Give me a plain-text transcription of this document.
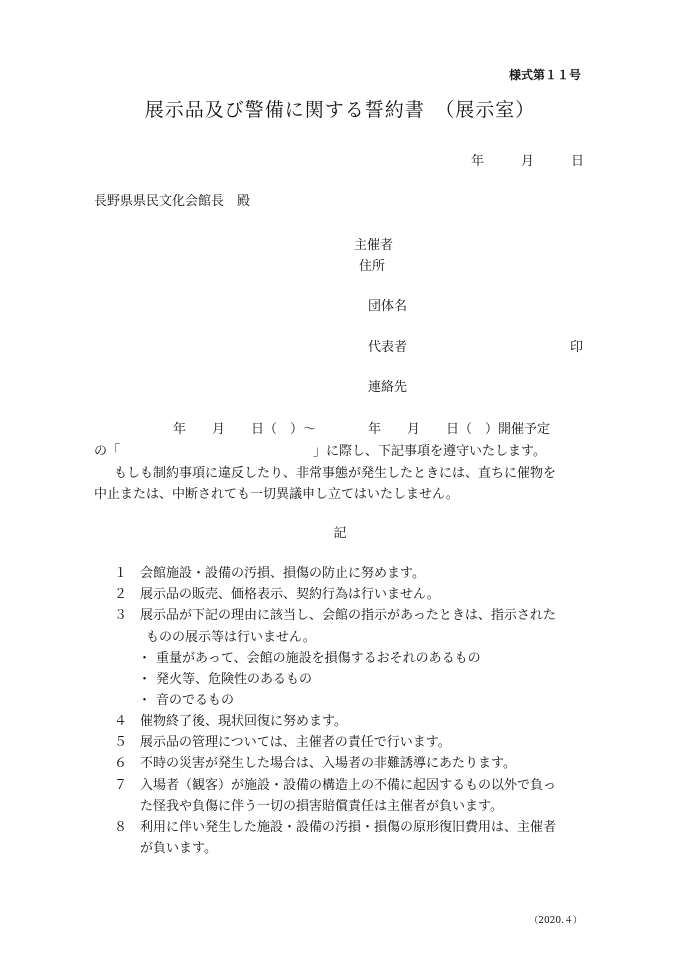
様式第１１号
展示品及び警備に関する誓約書　（展示室）
年	月	日
長野県県民文化会館長　殿
主催者
住所
団体名
代表者	印
連絡先
年　　月　　日（　）～　　　　年　　月　　日（　）開催予定
の「	」に際し、下記事項を遵守いたします。
もしも制約事項に違反したり、非常事態が発生したときには、直ちに催物を
中止または、中断されても一切異議申し立てはいたしません。
記
１ 会館施設・設備の汚損、損傷の防止に努めます。
２ 展示品の販売、価格表示、契約行為は行いません。
３ 展示品が下記の理由に該当し、会館の指示があったときは、指示された
ものの展示等は行いません。
・ 重量があって、会館の施設を損傷するおそれのあるもの
・ 発火等、危険性のあるもの
・ 音のでるもの
４ 催物終了後、現状回復に努めます。
５ 展示品の管理については、主催者の責任で行います。
６ 不時の災害が発生した場合は、入場者の非難誘導にあたります。
７ 入場者（観客）が施設・設備の構造上の不備に起因するもの以外で負っ
た怪我や負傷に伴う一切の損害賠償責任は主催者が負います。
８ 利用に伴い発生した施設・設備の汚損・損傷の原形復旧費用は、主催者
が負います。
（2020.４）
